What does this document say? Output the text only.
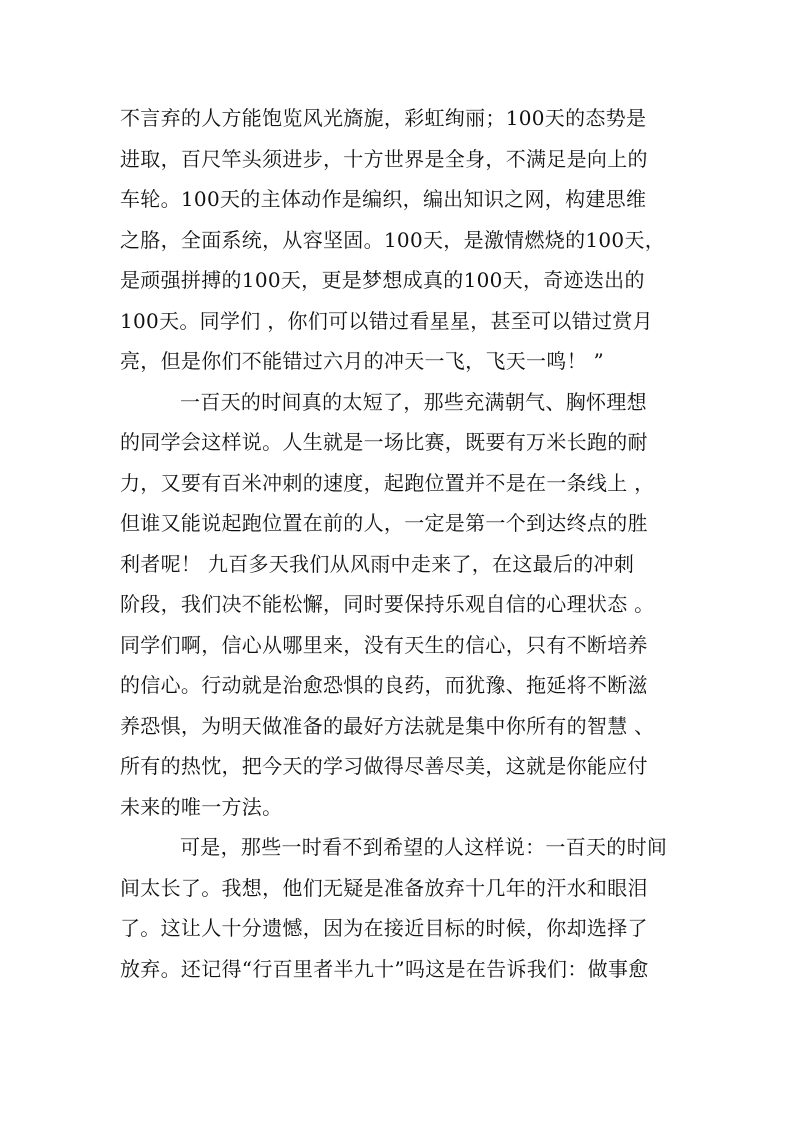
不言弃的人方能饱览风光旖旎，彩虹绚丽；100天的态势是
进取，百尺竿头须进步，十方世界是全身，不满足是向上的
车轮。100天的主体动作是编织，编出知识之网，构建思维
之胳，全面系统，从容坚固。100天，是激情燃烧的100天，
是顽强拼搏的100天，更是梦想成真的100天，奇迹迭出的
100天。同学们 ，你们可以错过看星星，甚至可以错过赏月
亮，但是你们不能错过六月的冲天一飞，飞天一鸣！ ”
一百天的时间真的太短了，那些充满朝气、胸怀理想
的同学会这样说。人生就是一场比赛，既要有万米长跑的耐
力，又要有百米冲刺的速度，起跑位置并不是在一条线上 ，
但谁又能说起跑位置在前的人，一定是第一个到达终点的胜
利者呢！ 九百多天我们从风雨中走来了，在这最后的冲刺
阶段，我们决不能松懈，同时要保持乐观自信的心理状态 。
同学们啊，信心从哪里来，没有天生的信心，只有不断培养
的信心。行动就是治愈恐惧的良药，而犹豫、拖延将不断滋
养恐惧，为明天做准备的最好方法就是集中你所有的智慧 、
所有的热忱，把今天的学习做得尽善尽美，这就是你能应付
未来的唯一方法。
可是，那些一时看不到希望的人这样说：一百天的时间
间太长了。我想，他们无疑是准备放弃十几年的汗水和眼泪
了。这让人十分遗憾，因为在接近目标的时候，你却选择了
放弃。还记得“行百里者半九十”吗这是在告诉我们：做事愈
